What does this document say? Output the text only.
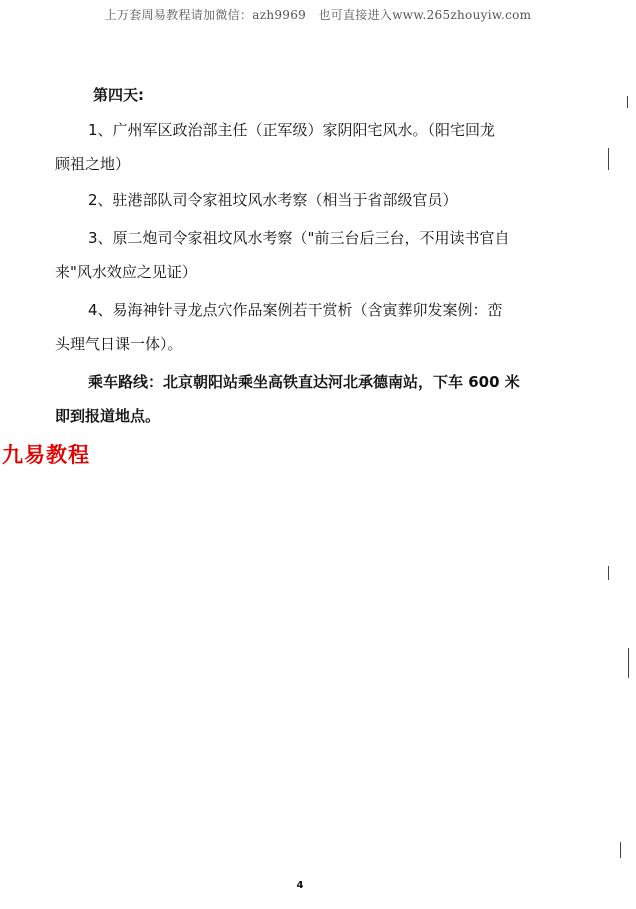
上万套周易教程请加微信：azh9969　也可直接进入www.265zhouyiw.com
第四天:
1、广州军区政治部主任（正军级）家阴阳宅风水。（阳宅回龙
顾祖之地）
2、驻港部队司令家祖坟风水考察（相当于省部级官员）
3、原二炮司令家祖坟风水考察（"前三台后三台，不用读书官自
来"风水效应之见证）
4、易海神针寻龙点穴作品案例若干赏析（含寅葬卯发案例：峦
头理气日课一体）。
乘车路线：北京朝阳站乘坐高铁直达河北承德南站，下车 600 米
即到报道地点。
九易教程
4
